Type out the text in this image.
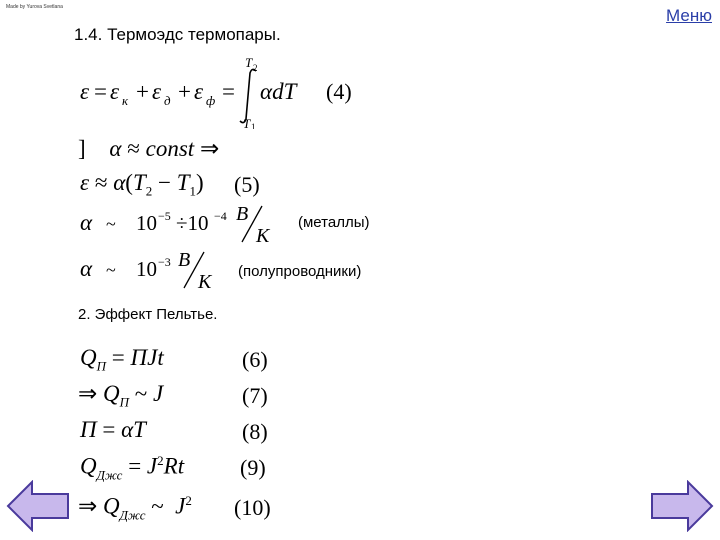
Made by Yurova Svetlana	Меню
1.4. Термоэдс термопары.
ε = ε к + ε д + ε ф =
T 2
T 1
αdT (4)
] α ≈ const ⇒
$\varepsilon \approx \alpha(T_2 - T_1)$ (5)
α ~ 10 −5 ÷10 −4 B
K
(металлы)
α ~ 10 −3 B
K (полупроводники)
2. Эффект Пельтье.
$Q_П$ = ПJt	(6)
⇒ $Q_П$ ~ J	(7)
П = αT	(8)
$Q_{Джс} = J^2Rt$	(9)
⇒ $Q_{Джс}$ ~  $J^2$ (10)
